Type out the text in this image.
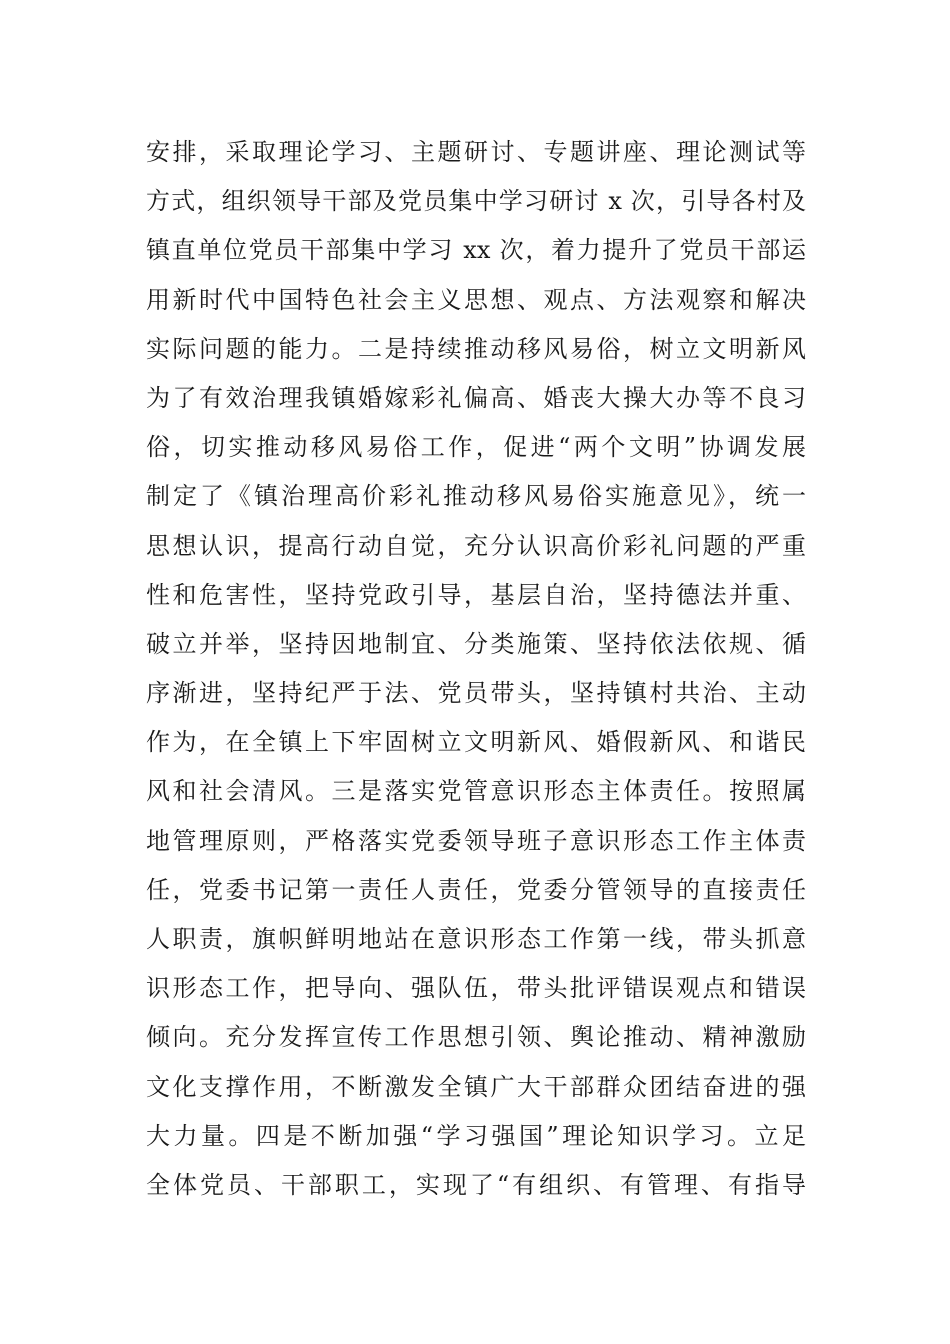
安排，采取理论学习、主题研讨、专题讲座、理论测试等
方式，组织领导干部及党员集中学习研讨 x 次，引导各村及
镇直单位党员干部集中学习 xx 次，着力提升了党员干部运
用新时代中国特色社会主义思想、观点、方法观察和解决
实际问题的能力。二是持续推动移风易俗，树立文明新风
为了有效治理我镇婚嫁彩礼偏高、婚丧大操大办等不良习
俗，切实推动移风易俗工作，促进“两个文明”协调发展
制定了《镇治理高价彩礼推动移风易俗实施意见》，统一
思想认识，提高行动自觉，充分认识高价彩礼问题的严重
性和危害性，坚持党政引导，基层自治，坚持德法并重、
破立并举，坚持因地制宜、分类施策、坚持依法依规、循
序渐进，坚持纪严于法、党员带头，坚持镇村共治、主动
作为，在全镇上下牢固树立文明新风、婚假新风、和谐民
风和社会清风。三是落实党管意识形态主体责任。按照属
地管理原则，严格落实党委领导班子意识形态工作主体责
任，党委书记第一责任人责任，党委分管领导的直接责任
人职责，旗帜鲜明地站在意识形态工作第一线，带头抓意
识形态工作，把导向、强队伍，带头批评错误观点和错误
倾向。充分发挥宣传工作思想引领、舆论推动、精神激励
文化支撑作用，不断激发全镇广大干部群众团结奋进的强
大力量。四是不断加强“学习强国”理论知识学习。立足
全体党员、干部职工，实现了“有组织、有管理、有指导
